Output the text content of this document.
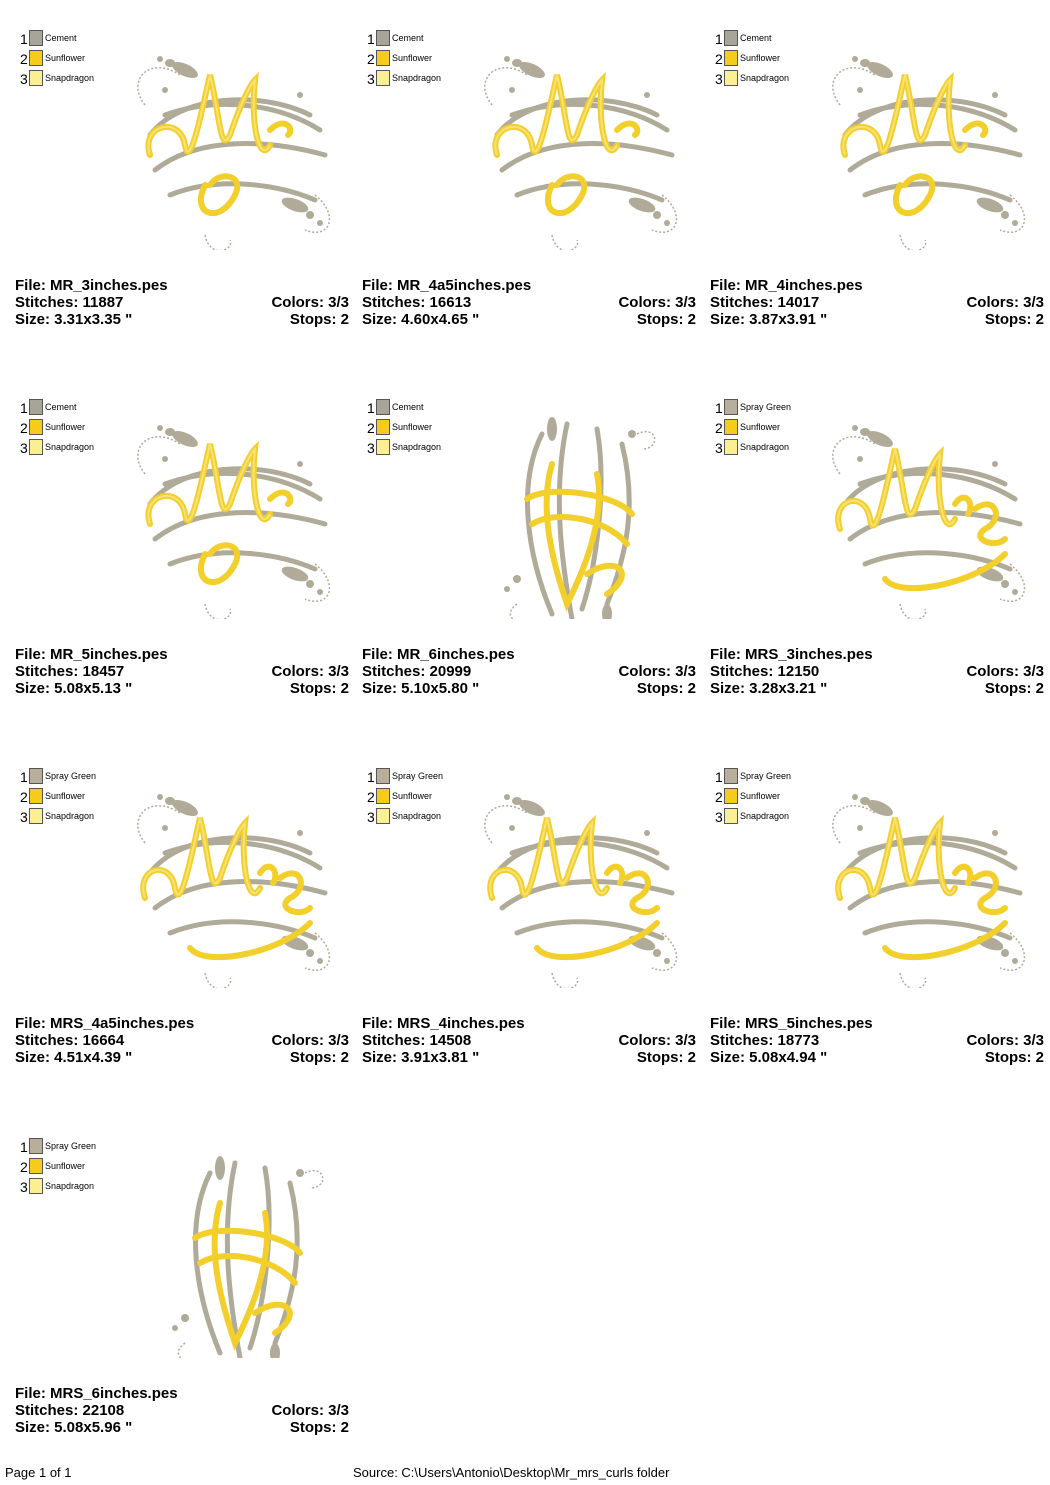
1 Cement
2 Sunflower
3 Snapdragon
File: MR_3inches.pes
Stitches: 11887	Colors: 3/3
Size: 3.31x3.35 "	Stops: 2
1 Cement
2 Sunflower
3 Snapdragon
File: MR_4a5inches.pes
Stitches: 16613	Colors: 3/3
Size: 4.60x4.65 "	Stops: 2
1 Cement
2 Sunflower
3 Snapdragon
File: MR_4inches.pes
Stitches: 14017	Colors: 3/3
Size: 3.87x3.91 "	Stops: 2
1 Cement
2 Sunflower
3 Snapdragon
File: MR_5inches.pes
Stitches: 18457	Colors: 3/3
Size: 5.08x5.13 "	Stops: 2
1 Cement
2 Sunflower
3 Snapdragon
File: MR_6inches.pes
Stitches: 20999	Colors: 3/3
Size: 5.10x5.80 "	Stops: 2
1 Spray Green
2 Sunflower
3 Snapdragon
File: MRS_3inches.pes
Stitches: 12150	Colors: 3/3
Size: 3.28x3.21 "	Stops: 2
1 Spray Green
2 Sunflower
3 Snapdragon
File: MRS_4a5inches.pes
Stitches: 16664	Colors: 3/3
Size: 4.51x4.39 "	Stops: 2
1 Spray Green
2 Sunflower
3 Snapdragon
File: MRS_4inches.pes
Stitches: 14508	Colors: 3/3
Size: 3.91x3.81 "	Stops: 2
1 Spray Green
2 Sunflower
3 Snapdragon
File: MRS_5inches.pes
Stitches: 18773	Colors: 3/3
Size: 5.08x4.94 "	Stops: 2
1 Spray Green
2 Sunflower
3 Snapdragon
File: MRS_6inches.pes
Stitches: 22108	Colors: 3/3
Size: 5.08x5.96 "	Stops: 2
Page 1 of 1	Source: C:\Users\Antonio\Desktop\Mr_mrs_curls folder
